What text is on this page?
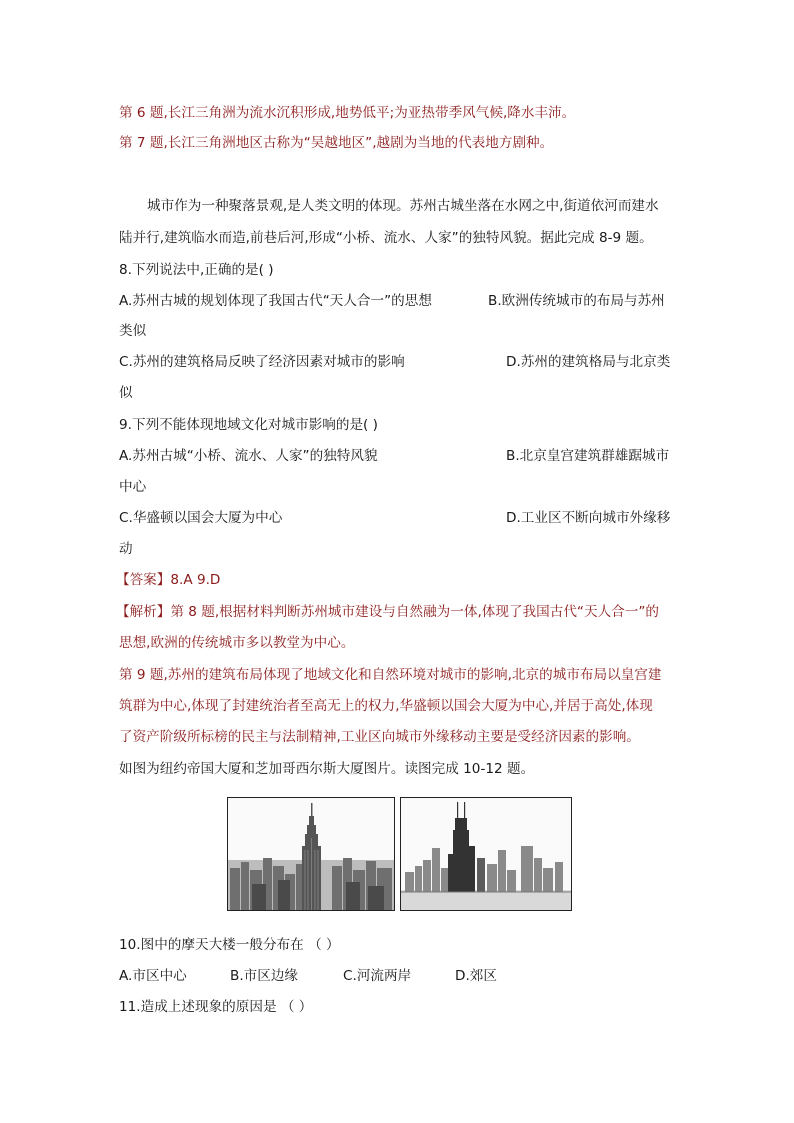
第 6 题,长江三角洲为流水沉积形成,地势低平;为亚热带季风气候,降水丰沛。
第 7 题,长江三角洲地区古称为“吴越地区”,越剧为当地的代表地方剧种。
城市作为一种聚落景观,是人类文明的体现。苏州古城坐落在水网之中,街道依河而建水
陆并行,建筑临水而造,前巷后河,形成“小桥、流水、人家”的独特风貌。据此完成 8-9 题。
8.下列说法中,正确的是( )
A.苏州古城的规划体现了我国古代“天人合一”的思想	B.欧洲传统城市的布局与苏州
类似
C.苏州的建筑格局反映了经济因素对城市的影响	D.苏州的建筑格局与北京类
似
9.下列不能体现地域文化对城市影响的是( )
A.苏州古城“小桥、流水、人家”的独特风貌	B.北京皇宫建筑群雄踞城市
中心
C.华盛顿以国会大厦为中心	D.工业区不断向城市外缘移
动
【答案】8.A 9.D
【解析】第 8 题,根据材料判断苏州城市建设与自然融为一体,体现了我国古代“天人合一”的
思想,欧洲的传统城市多以教堂为中心。
第 9 题,苏州的建筑布局体现了地域文化和自然环境对城市的影响,北京的城市布局以皇宫建
筑群为中心,体现了封建统治者至高无上的权力,华盛顿以国会大厦为中心,并居于高处,体现
了资产阶级所标榜的民主与法制精神,工业区向城市外缘移动主要是受经济因素的影响。
如图为纽约帝国大厦和芝加哥西尔斯大厦图片。读图完成 10-12 题。
10.图中的摩天大楼一般分布在 （ ）
A.市区中心	B.市区边缘	C.河流两岸	D.郊区
11.造成上述现象的原因是 （ ）
